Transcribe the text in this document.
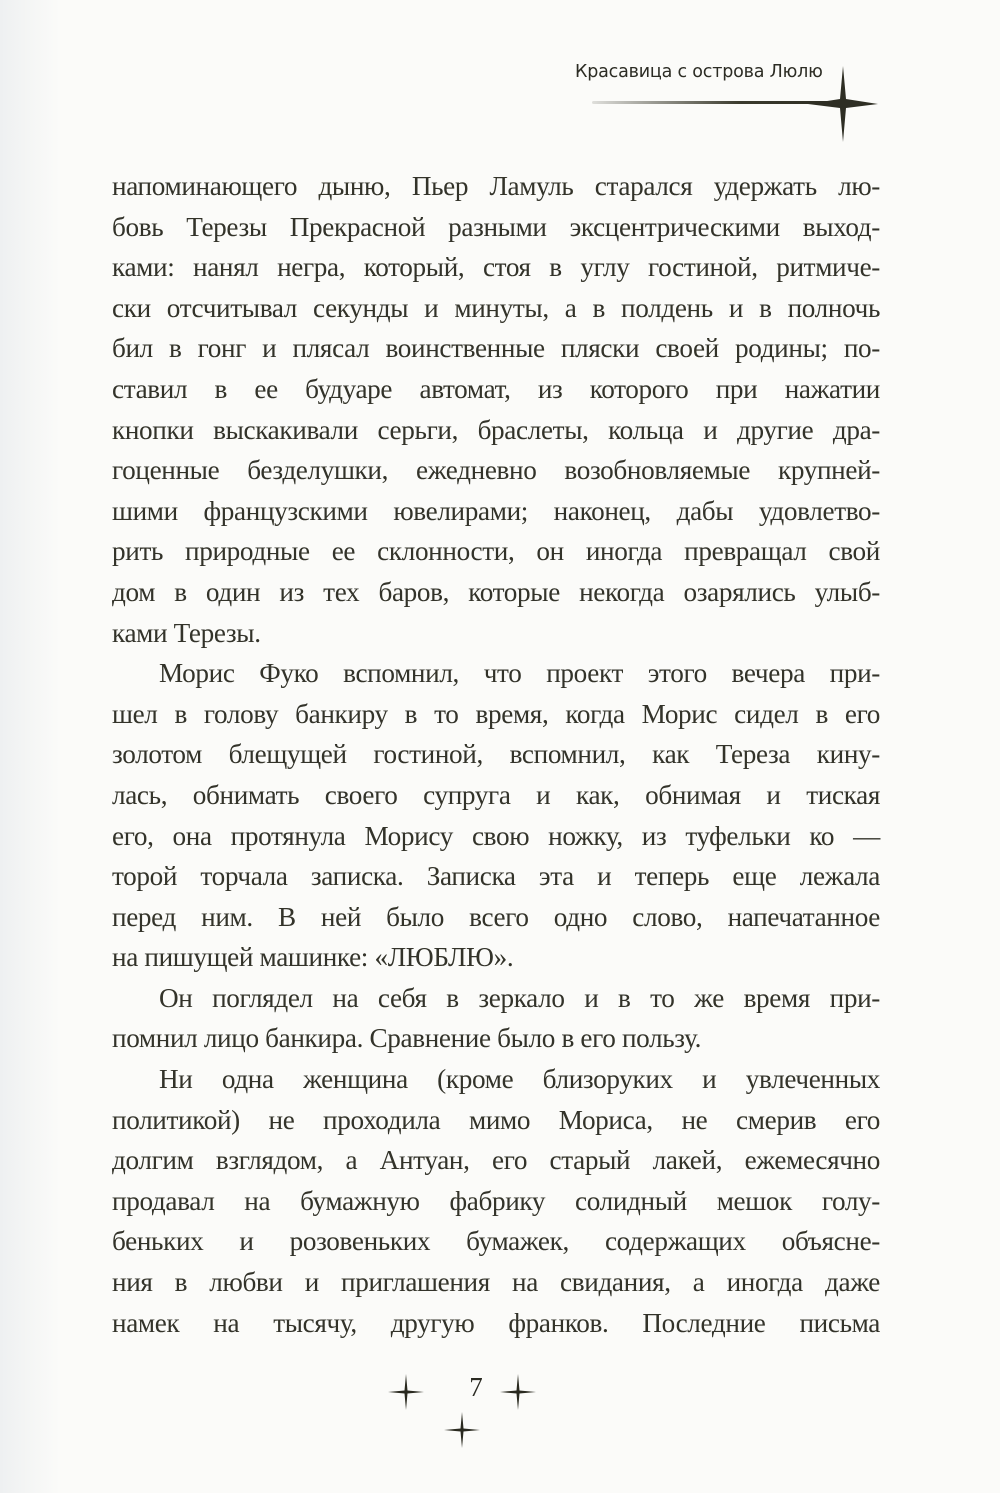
Красавица с острова Люлю
напоминающего дыню, Пьер Ламуль старался удержать лю-
бовь Терезы Прекрасной разными эксцентрическими выход-
ками: нанял негра, который, стоя в углу гостиной, ритмиче-
ски отсчитывал секунды и минуты, а в полдень и в полночь
бил в гонг и плясал воинственные пляски своей родины; по-
ставил в ее будуаре автомат, из которого при нажатии
кнопки выскакивали серьги, браслеты, кольца и другие дра-
гоценные безделушки, ежедневно возобновляемые крупней-
шими французскими ювелирами; наконец, дабы удовлетво-
рить природные ее склонности, он иногда превращал свой
дом в один из тех баров, которые некогда озарялись улыб-
ками Терезы.
Морис Фуко вспомнил, что проект этого вечера при-
шел в голову банкиру в то время, когда Морис сидел в его
золотом блещущей гостиной, вспомнил, как Тереза кину-
лась, обнимать своего супруга и как, обнимая и тиская
его, она протянула Морису свою ножку, из туфельки ко —
торой торчала записка. Записка эта и теперь еще лежала
перед ним. В ней было всего одно слово, напечатанное
на пишущей машинке: «ЛЮБЛЮ».
Он поглядел на себя в зеркало и в то же время при-
помнил лицо банкира. Сравнение было в его пользу.
Ни одна женщина (кроме близоруких и увлеченных
политикой) не проходила мимо Мориса, не смерив его
долгим взглядом, а Антуан, его старый лакей, ежемесячно
продавал на бумажную фабрику солидный мешок голу-
беньких и розовеньких бумажек, содержащих объясне-
ния в любви и приглашения на свидания, а иногда даже
намек на тысячу, другую франков. Последние письма
7
